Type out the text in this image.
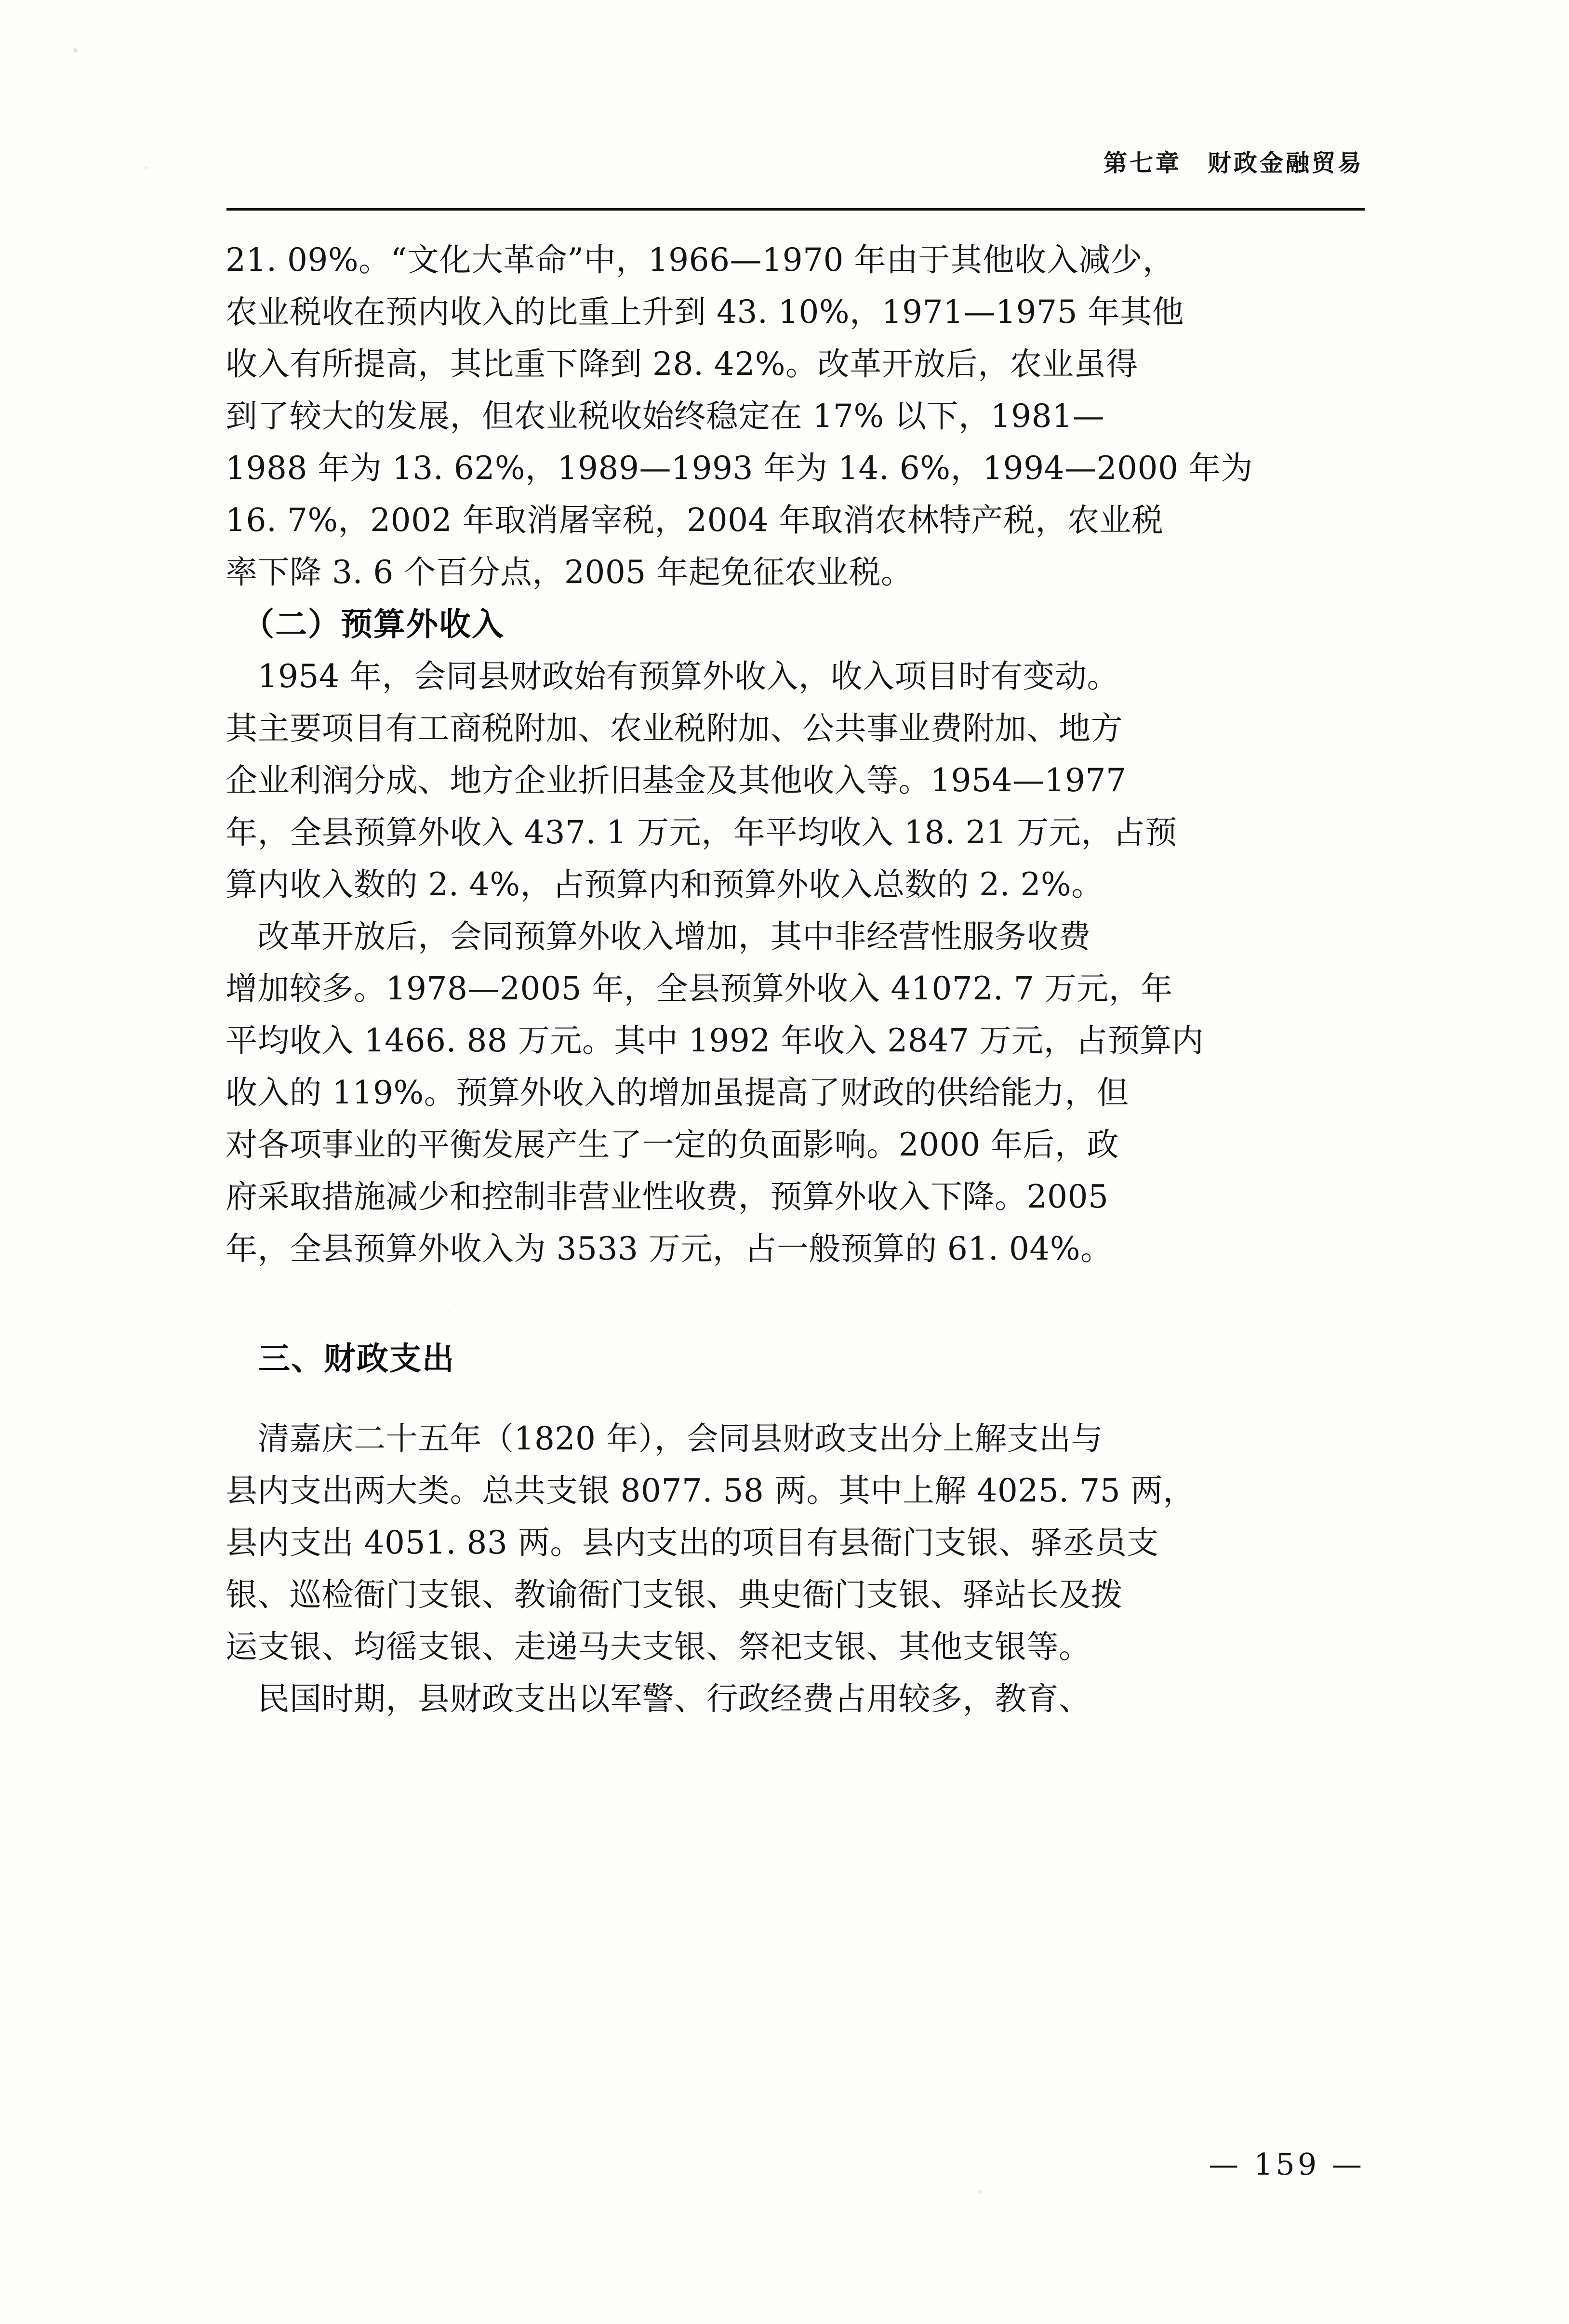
第七章　财政金融贸易
21. 09%。“文化大革命”中，1966—1970 年由于其他收入减少，
农业税收在预内收入的比重上升到 43. 10%，1971—1975 年其他
收入有所提高，其比重下降到 28. 42%。改革开放后，农业虽得
到了较大的发展，但农业税收始终稳定在 17% 以下，1981—
1988 年为 13. 62%，1989—1993 年为 14. 6%，1994—2000 年为
16. 7%，2002 年取消屠宰税，2004 年取消农林特产税，农业税
率下降 3. 6 个百分点，2005 年起免征农业税。
　（二）预算外收入
　1954 年，会同县财政始有预算外收入，收入项目时有变动。
其主要项目有工商税附加、农业税附加、公共事业费附加、地方
企业利润分成、地方企业折旧基金及其他收入等。1954—1977
年，全县预算外收入 437. 1 万元，年平均收入 18. 21 万元，占预
算内收入数的 2. 4%，占预算内和预算外收入总数的 2. 2%。
　改革开放后，会同预算外收入增加，其中非经营性服务收费
增加较多。1978—2005 年，全县预算外收入 41072. 7 万元，年
平均收入 1466. 88 万元。其中 1992 年收入 2847 万元，占预算内
收入的 119%。预算外收入的增加虽提高了财政的供给能力，但
对各项事业的平衡发展产生了一定的负面影响。2000 年后，政
府采取措施减少和控制非营业性收费，预算外收入下降。2005
年，全县预算外收入为 3533 万元，占一般预算的 61. 04%。
　三、财政支出
　清嘉庆二十五年（1820 年），会同县财政支出分上解支出与
县内支出两大类。总共支银 8077. 58 两。其中上解 4025. 75 两，
县内支出 4051. 83 两。县内支出的项目有县衙门支银、驿丞员支
银、巡检衙门支银、教谕衙门支银、典史衙门支银、驿站长及拨
运支银、均徭支银、走递马夫支银、祭祀支银、其他支银等。
　民国时期，县财政支出以军警、行政经费占用较多，教育、
— 159 —
